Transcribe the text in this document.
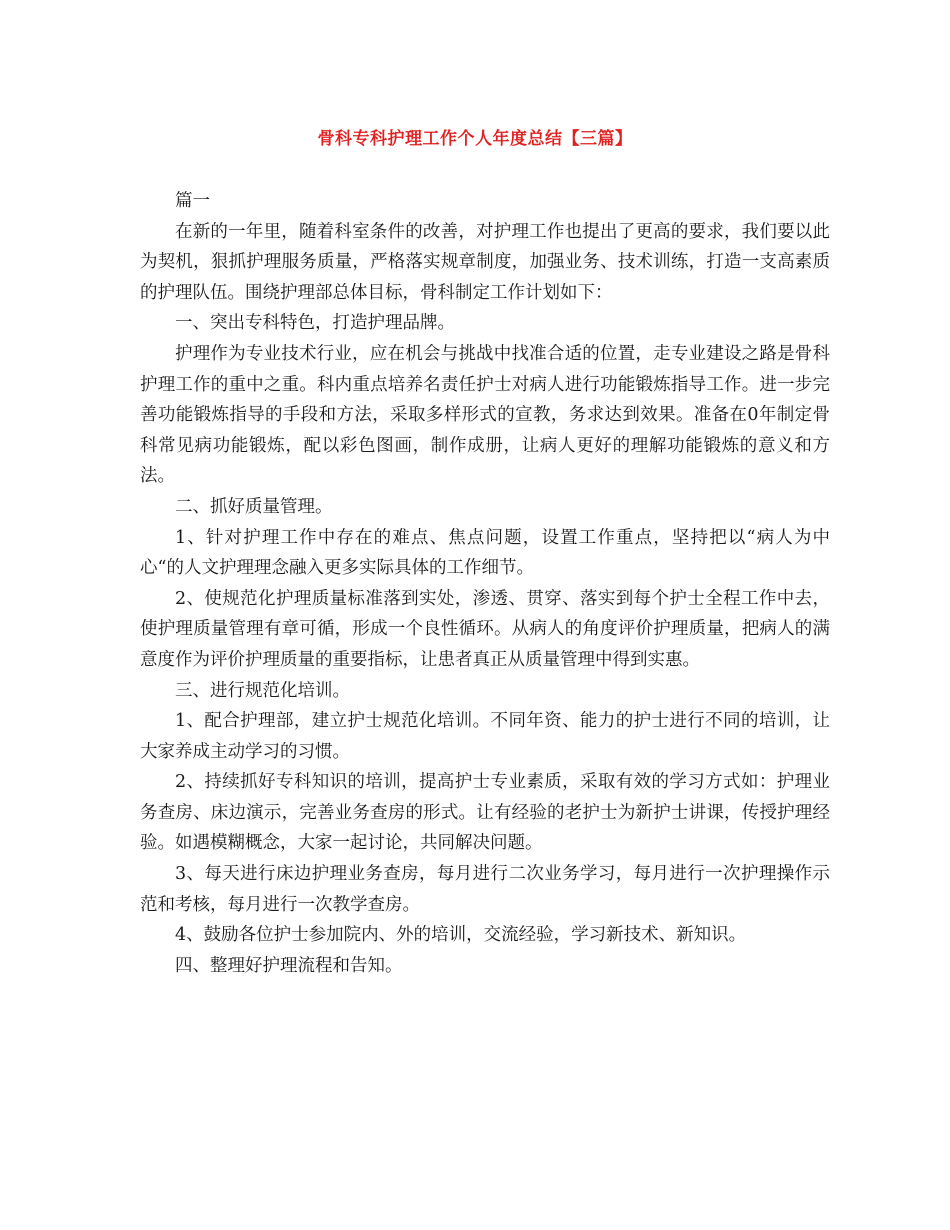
骨科专科护理工作个人年度总结【三篇】

篇一

在新的一年里，随着科室条件的改善，对护理工作也提出了更高的要求，我们要以此为契机，狠抓护理服务质量，严格落实规章制度，加强业务、技术训练，打造一支高素质的护理队伍。围绕护理部总体目标，骨科制定工作计划如下：

一、突出专科特色，打造护理品牌。

护理作为专业技术行业，应在机会与挑战中找准合适的位置，走专业建设之路是骨科护理工作的重中之重。科内重点培养名责任护士对病人进行功能锻炼指导工作。进一步完善功能锻炼指导的手段和方法，采取多样形式的宣教，务求达到效果。准备在0年制定骨科常见病功能锻炼，配以彩色图画，制作成册，让病人更好的理解功能锻炼的意义和方法。

二、抓好质量管理。

1、针对护理工作中存在的难点、焦点问题，设置工作重点，坚持把以“病人为中心“的人文护理理念融入更多实际具体的工作细节。

2、使规范化护理质量标准落到实处，渗透、贯穿、落实到每个护士全程工作中去，使护理质量管理有章可循，形成一个良性循环。从病人的角度评价护理质量，把病人的满意度作为评价护理质量的重要指标，让患者真正从质量管理中得到实惠。

三、进行规范化培训。

1、配合护理部，建立护士规范化培训。不同年资、能力的护士进行不同的培训，让大家养成主动学习的习惯。

2、持续抓好专科知识的培训，提高护士专业素质，采取有效的学习方式如：护理业务查房、床边演示，完善业务查房的形式。让有经验的老护士为新护士讲课，传授护理经验。如遇模糊概念，大家一起讨论，共同解决问题。

3、每天进行床边护理业务查房，每月进行二次业务学习，每月进行一次护理操作示范和考核，每月进行一次教学查房。

4、鼓励各位护士参加院内、外的培训，交流经验，学习新技术、新知识。

四、整理好护理流程和告知。
